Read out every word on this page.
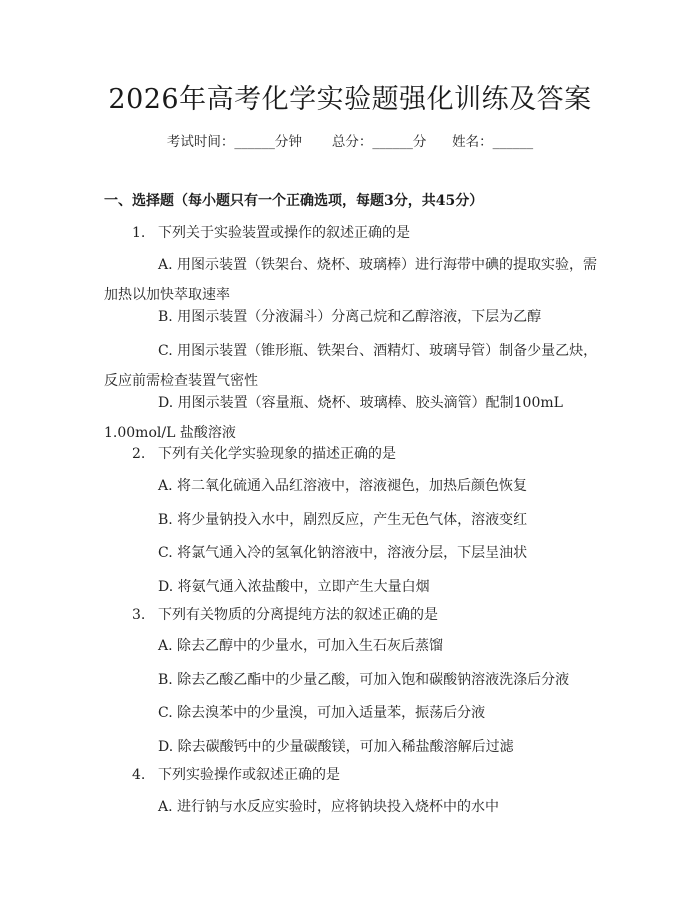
2026年高考化学实验题强化训练及答案
考试时间：______分钟 总分：______分 姓名：______
一、选择题（每小题只有一个正确选项，每题3分，共45分）
1. 下列关于实验装置或操作的叙述正确的是
A. 用图示装置（铁架台、烧杯、玻璃棒）进行海带中碘的提取实验，需加热以加快萃取速率
B. 用图示装置（分液漏斗）分离己烷和乙醇溶液，下层为乙醇
C. 用图示装置（锥形瓶、铁架台、酒精灯、玻璃导管）制备少量乙炔，反应前需检查装置气密性
D. 用图示装置（容量瓶、烧杯、玻璃棒、胶头滴管）配制100mL 1.00mol/L 盐酸溶液
2. 下列有关化学实验现象的描述正确的是
A. 将二氧化硫通入品红溶液中，溶液褪色，加热后颜色恢复
B. 将少量钠投入水中，剧烈反应，产生无色气体，溶液变红
C. 将氯气通入冷的氢氧化钠溶液中，溶液分层，下层呈油状
D. 将氨气通入浓盐酸中，立即产生大量白烟
3. 下列有关物质的分离提纯方法的叙述正确的是
A. 除去乙醇中的少量水，可加入生石灰后蒸馏
B. 除去乙酸乙酯中的少量乙酸，可加入饱和碳酸钠溶液洗涤后分液
C. 除去溴苯中的少量溴，可加入适量苯，振荡后分液
D. 除去碳酸钙中的少量碳酸镁，可加入稀盐酸溶解后过滤
4. 下列实验操作或叙述正确的是
A. 进行钠与水反应实验时，应将钠块投入烧杯中的水中
